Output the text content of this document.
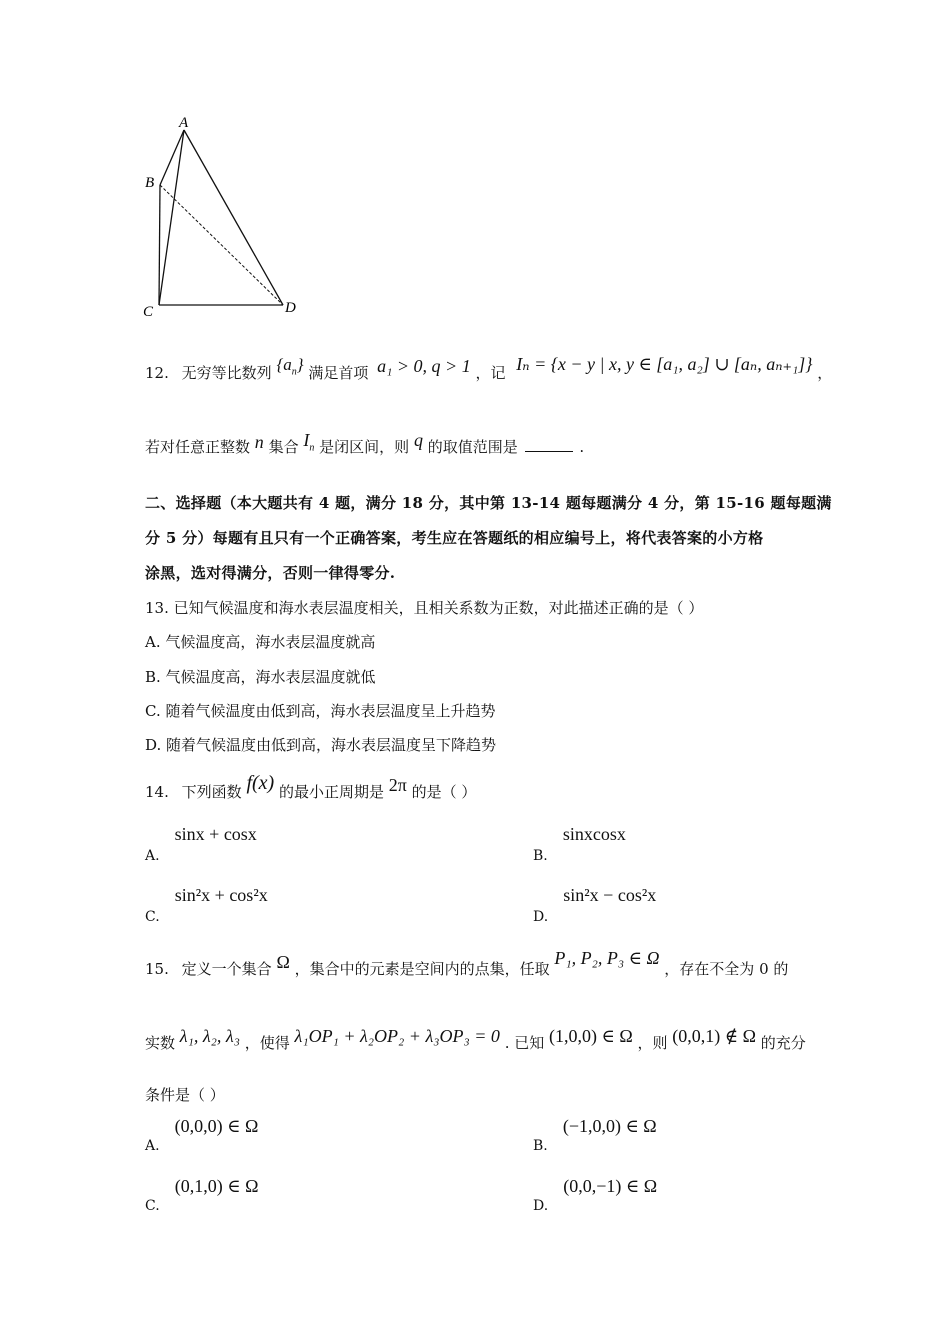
A
B
C	D
12. 无穷等比数列 $\{a_n\}$ 满足首项 a₁ > 0, q > 1 ，记 Iₙ = {x − y | x, y ∈ [a₁, a₂] ∪ [aₙ, aₙ₊₁]} ，
若对任意正整数 n 集合 $I_n$ 是闭区间，则 q 的取值范围是	.
二、选择题（本大题共有 4 题，满分 18 分，其中第 13-14 题每题满分 4 分，第 15-16 题每题满
分 5 分）每题有且只有一个正确答案，考生应在答题纸的相应编号上，将代表答案的小方格
涂黑，选对得满分，否则一律得零分.
13. 已知气候温度和海水表层温度相关，且相关系数为正数，对此描述正确的是（ ）
A. 气候温度高，海水表层温度就高
B. 气候温度高，海水表层温度就低
C. 随着气候温度由低到高，海水表层温度呈上升趋势
D. 随着气候温度由低到高，海水表层温度呈下降趋势
14. 下列函数 f(x) 的最小正周期是 2π 的是（ ）
A. sinx + cosx
B. sinxcosx
C. sin²x + cos²x
D. sin²x − cos²x
15. 定义一个集合 Ω ，集合中的元素是空间内的点集，任取 P₁, P₂, P₃ ∈ Ω ，存在不全为 0 的
实数 λ₁, λ₂, λ₃ ，使得 λ₁OP₁ + λ₂OP₂ + λ₃OP₃ = 0 . 已知 (1,0,0) ∈ Ω ，则 (0,0,1) ∉ Ω 的充分
条件是（ ）
A. (0,0,0) ∈ Ω
B. (−1,0,0) ∈ Ω
C. (0,1,0) ∈ Ω
D. (0,0,−1) ∈ Ω
